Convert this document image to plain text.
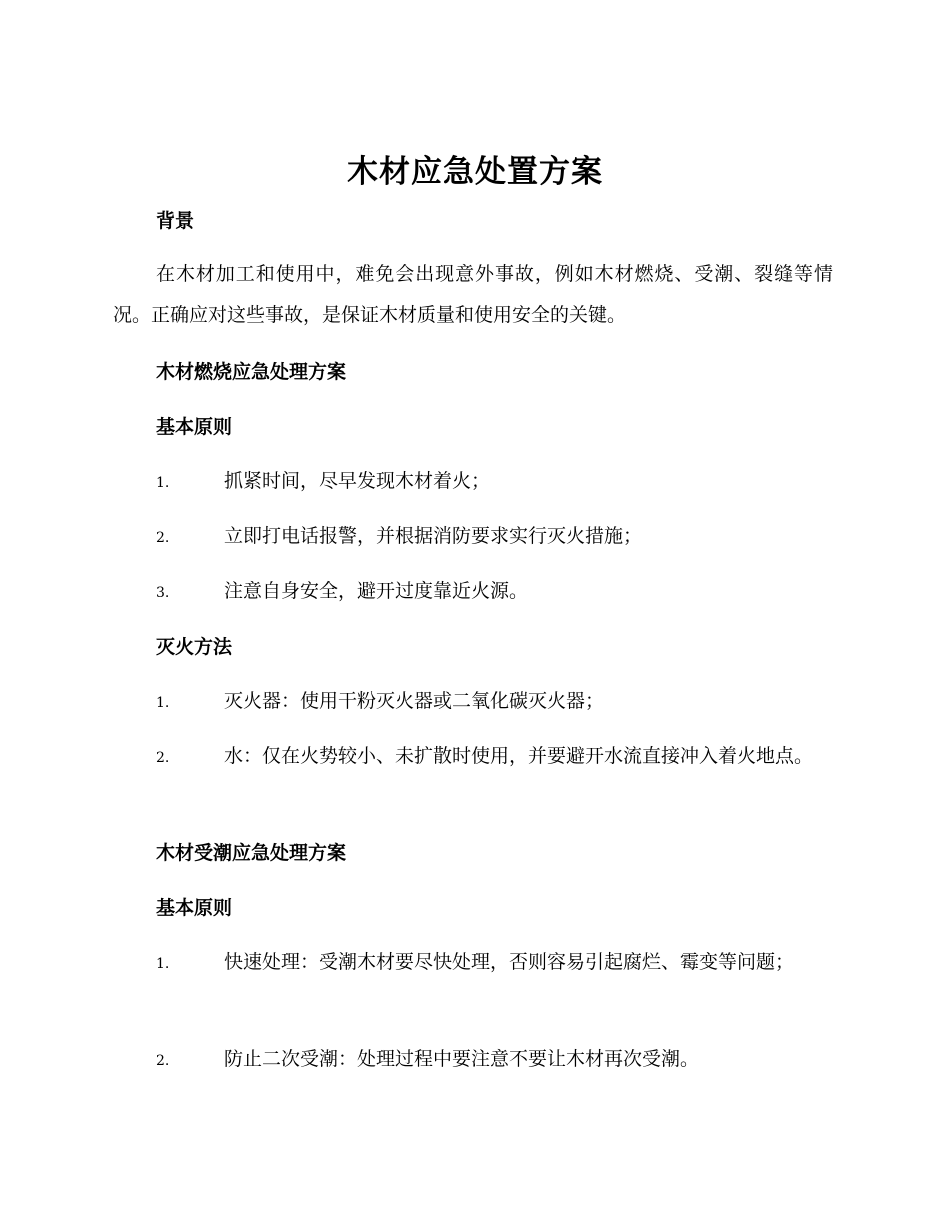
木材应急处置方案
背景
在木材加工和使用中，难免会出现意外事故，例如木材燃烧、受潮、裂缝等情况。正确应对这些事故，是保证木材质量和使用安全的关键。
木材燃烧应急处理方案
基本原则
1.	抓紧时间，尽早发现木材着火；
2.	立即打电话报警，并根据消防要求实行灭火措施；
3.	注意自身安全，避开过度靠近火源。
灭火方法
1.	灭火器：使用干粉灭火器或二氧化碳灭火器；
2.	水：仅在火势较小、未扩散时使用，并要避开水流直接冲入着火地点。
木材受潮应急处理方案
基本原则
1.	快速处理：受潮木材要尽快处理，否则容易引起腐烂、霉变等问题；
2.	防止二次受潮：处理过程中要注意不要让木材再次受潮。
